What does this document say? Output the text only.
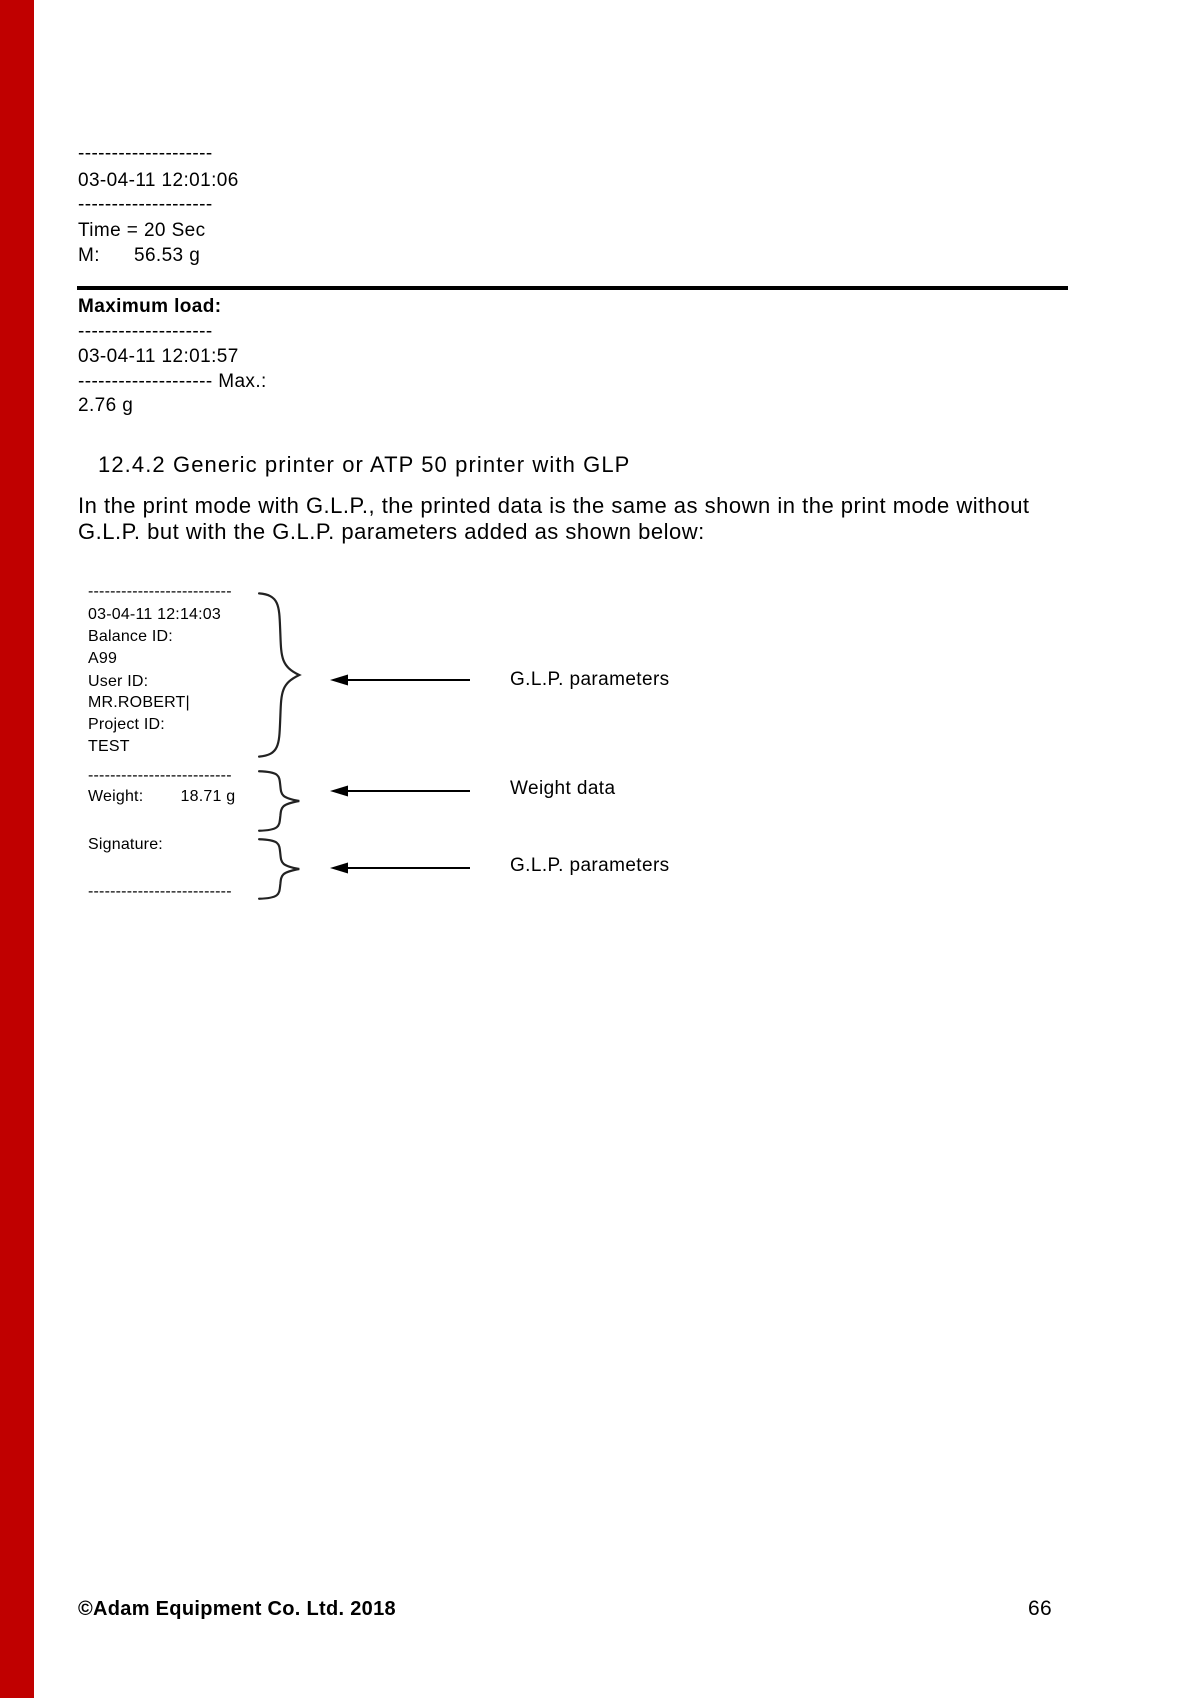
--------------------
03-04-11 12:01:06
--------------------
Time = 20 Sec
M:      56.53 g
Maximum load:
--------------------
03-04-11 12:01:57
-------------------- Max.:
2.76 g
12.4.2 Generic printer or ATP 50 printer with GLP
In the print mode with G.L.P., the printed data is the same as shown in the print mode without
G.L.P. but with the G.L.P. parameters added as shown below:
--------------------------
03-04-11 12:14:03
Balance ID:
A99
User ID:
MR.ROBERT|
Project ID:
TEST
--------------------------
Weight:        18.71 g
Signature:
--------------------------
G.L.P. parameters
Weight data
G.L.P. parameters
©Adam Equipment Co. Ltd. 2018	66
